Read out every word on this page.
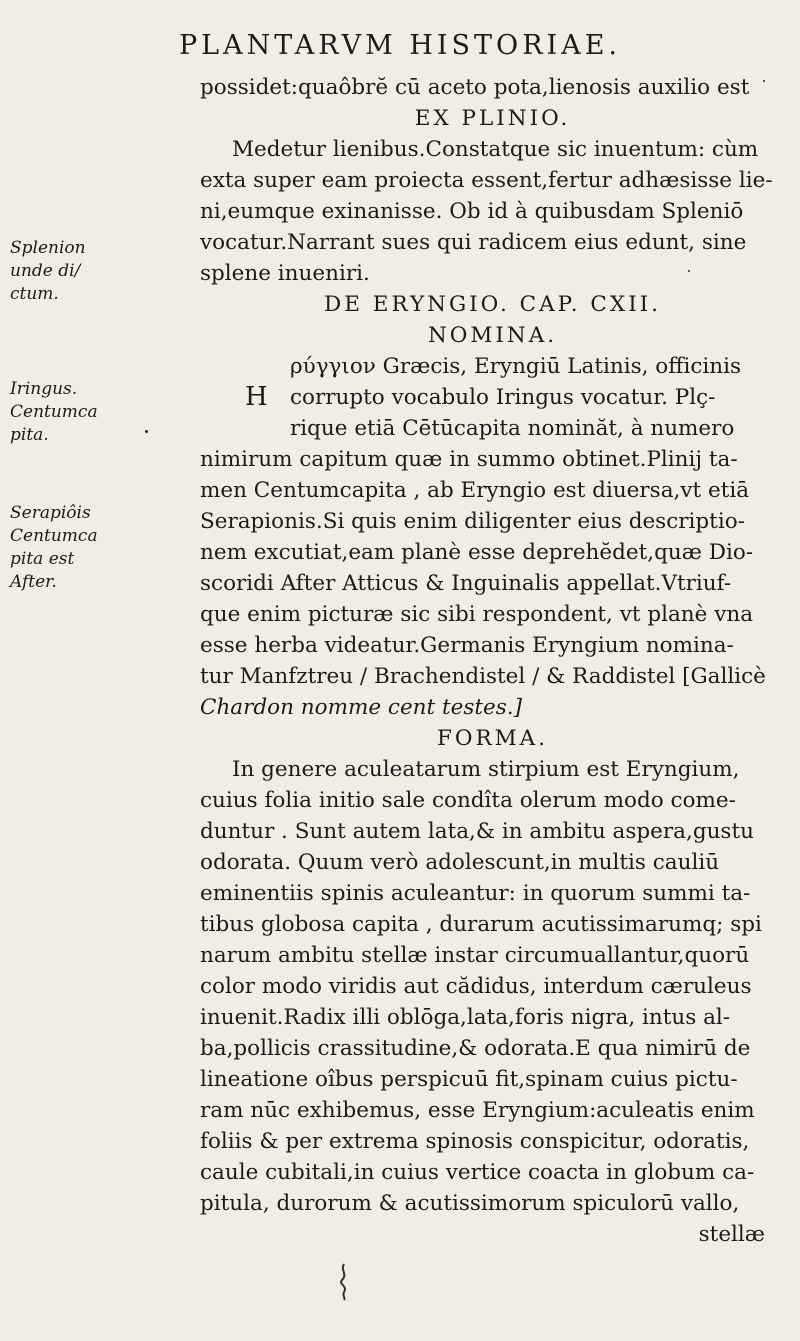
PLANTARVM HISTORIAE.
Splenion
unde di/
ctum.
Iringus.
Centumca
pita.
Serapiôis
Centumca
pita est
After.
possidet:quaôbrĕ cū aceto pota,lienosis auxilio est
EX PLINIO.
Medetur lienibus.Constatque sic inuentum: cùm
exta super eam proiecta essent,fertur adhæsisse lie-
ni,eumque exinanisse. Ob id à quibusdam Spleniō
vocatur.Narrant sues qui radicem eius edunt, sine
splene inueniri.
DE ERYNGIO. CAP. CXII.
NOMINA.
ρύγγιον Græcis, Eryngiū Latinis, officinis
H corrupto vocabulo Iringus vocatur. Plç-
rique etiā Cētūcapita nominăt, à numero
nimirum capitum quæ in summo obtinet.Plinij ta-
men Centumcapita , ab Eryngio est diuersa,vt etiā
Serapionis.Si quis enim diligenter eius descriptio-
nem excutiat,eam planè esse deprehĕdet,quæ Dio-
scoridi After Atticus & Inguinalis appellat.Vtriuf-
que enim picturæ sic sibi respondent, vt planè vna
esse herba videatur.Germanis Eryngium nomina-
tur Manfztreu / Brachendistel / & Raddistel [Gallicè
Chardon nomme cent testes.]
FORMA.
In genere aculeatarum stirpium est Eryngium,
cuius folia initio sale condîta olerum modo come-
duntur . Sunt autem lata,& in ambitu aspera,gustu
odorata. Quum verò adolescunt,in multis cauliū
eminentiis spinis aculeantur: in quorum summi ta-
tibus globosa capita , durarum acutissimarumq; spi
narum ambitu stellæ instar circumuallantur,quorū
color modo viridis aut cădidus, interdum cæruleus
inuenit.Radix illi oblōga,lata,foris nigra, intus al-
ba,pollicis crassitudine,& odorata.E qua nimirū de
lineatione oîbus perspicuū fit,spinam cuius pictu-
ram nūc exhibemus, esse Eryngium:aculeatis enim
foliis & per extrema spinosis conspicitur, odoratis,
caule cubitali,in cuius vertice coacta in globum ca-
pitula, durorum & acutissimorum spiculorū vallo,
stellæ
